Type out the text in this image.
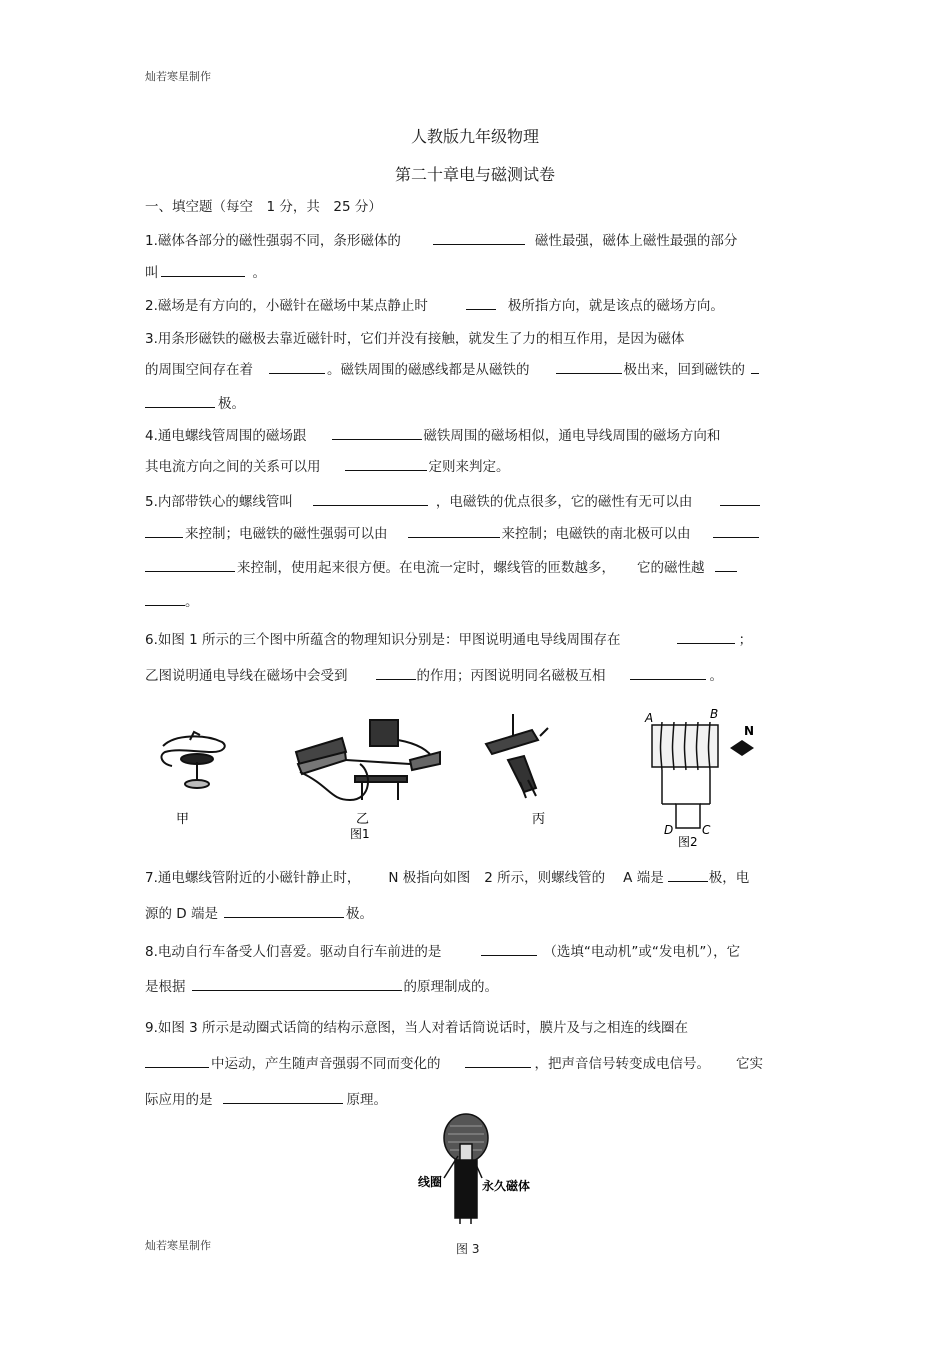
灿若寒星制作
人教版九年级物理
第二十章电与磁测试卷
一、填空题（每空　1 分，共　25 分）
1.磁体各部分的磁性强弱不同，条形磁体的	磁性最强，磁体上磁性最强的部分
叫	。
2.磁场是有方向的，小磁针在磁场中某点静止时	极所指方向，就是该点的磁场方向。
3.用条形磁铁的磁极去靠近磁针时，它们并没有接触，就发生了力的相互作用，是因为磁体
的周围空间存在着	。磁铁周围的磁感线都是从磁铁的	极出来，回到磁铁的
极。
4.通电螺线管周围的磁场跟	磁铁周围的磁场相似，通电导线周围的磁场方向和
其电流方向之间的关系可以用	定则来判定。
5.内部带铁心的螺线管叫	，电磁铁的优点很多，它的磁性有无可以由
来控制；电磁铁的磁性强弱可以由	来控制；电磁铁的南北极可以由
来控制，使用起来很方便。在电流一定时，螺线管的匝数越多， 它的磁性越
。
6.如图 1 所示的三个图中所蕴含的物理知识分别是：甲图说明通电导线周围存在	；
乙图说明通电导线在磁场中会受到	的作用；丙图说明同名磁极互相	。
甲	乙	丙
图1
A	B
N
D C
图2
7.通电螺线管附近的小磁针静止时， N 极指向如图 2 所示，则螺线管的 A 端是	极，电
源的 D 端是	极。
8.电动自行车备受人们喜爱。驱动自行车前进的是	（选填“电动机”或“发电机”），它
是根据	的原理制成的。
9.如图 3 所示是动圈式话筒的结构示意图，当人对着话筒说话时，膜片及与之相连的线圈在
中运动，产生随声音强弱不同而变化的	，把声音信号转变成电信号。 它实
际应用的是	原理。
线圈	永久磁体
图 3
灿若寒星制作
